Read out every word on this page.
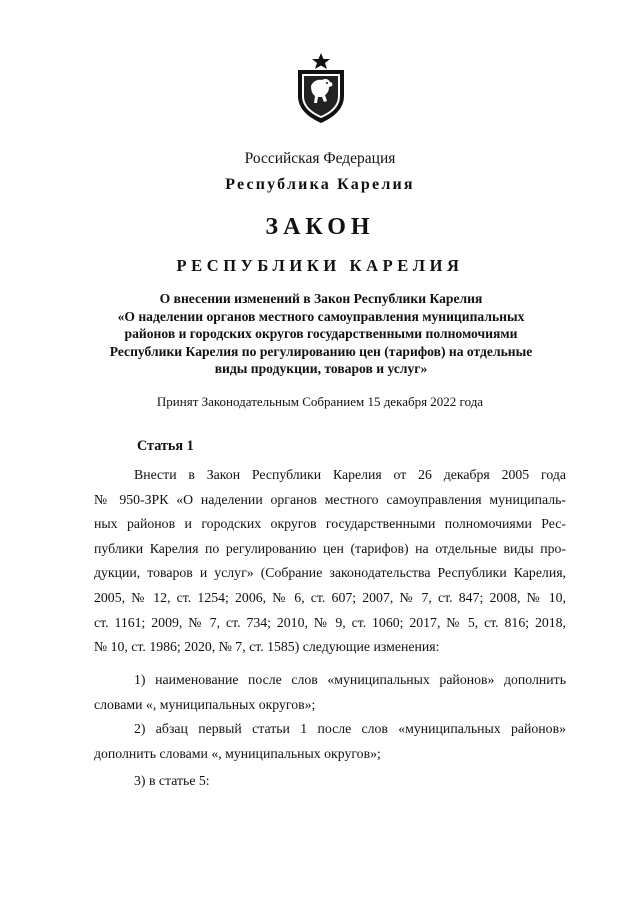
Российская Федерация
Республика Карелия
ЗАКОН
РЕСПУБЛИКИ КАРЕЛИЯ
О внесении изменений в Закон Республики Карелия
«О наделении органов местного самоуправления муниципальных
районов и городских округов государственными полномочиями
Республики Карелия по регулированию цен (тарифов) на отдельные
виды продукции, товаров и услуг»
Принят Законодательным Собранием 15 декабря 2022 года
Статья 1
Внести в Закон Республики Карелия от 26 декабря 2005 года
№ 950-ЗРК «О наделении органов местного самоуправления муниципаль-
ных районов и городских округов государственными полномочиями Рес-
публики Карелия по регулированию цен (тарифов) на отдельные виды про-
дукции, товаров и услуг» (Собрание законодательства Республики Карелия,
2005, № 12, ст. 1254; 2006, № 6, ст. 607; 2007, № 7, ст. 847; 2008, № 10,
ст. 1161; 2009, № 7, ст. 734; 2010, № 9, ст. 1060; 2017, № 5, ст. 816; 2018,
№ 10, ст. 1986; 2020, № 7, ст. 1585) следующие изменения:
1) наименование после слов «муниципальных районов» дополнить
словами «, муниципальных округов»;
2) абзац первый статьи 1 после слов «муниципальных районов»
дополнить словами «, муниципальных округов»;
3) в статье 5:
